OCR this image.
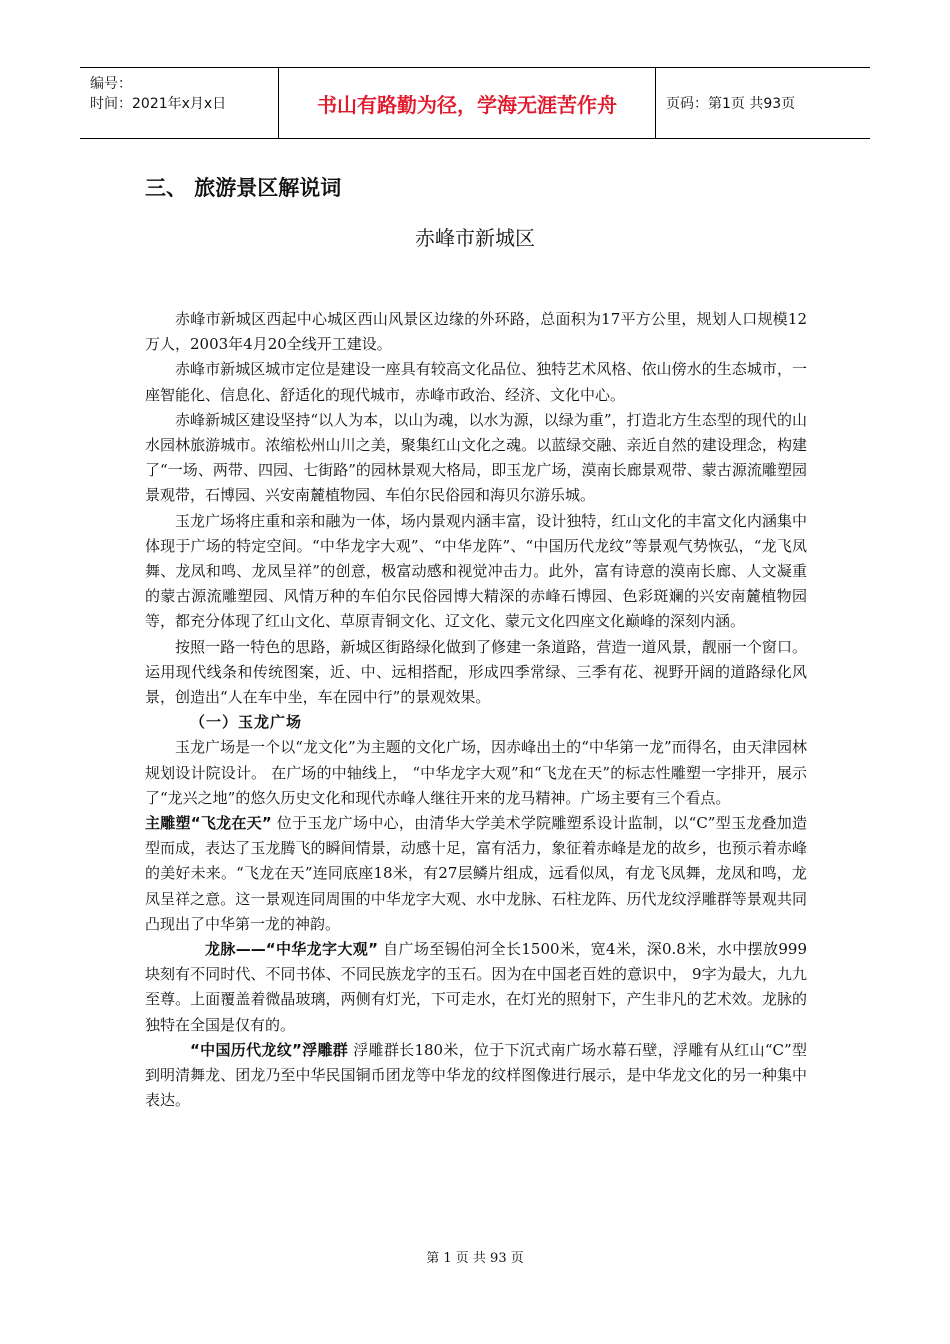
编号：
时间：2021年x月x日	书山有路勤为径，学海无涯苦作舟	页码：第1页 共93页
三、 旅游景区解说词
赤峰市新城区

赤峰市新城区西起中心城区西山风景区边缘的外环路，总面积为17平方公里，规划人口规模12万人，2003年4月20全线开工建设。

赤峰市新城区城市定位是建设一座具有较高文化品位、独特艺术风格、依山傍水的生态城市，一座智能化、信息化、舒适化的现代城市，赤峰市政治、经济、文化中心。

赤峰新城区建设坚持“以人为本，以山为魂，以水为源，以绿为重”，打造北方生态型的现代的山水园林旅游城市。浓缩松州山川之美，聚集红山文化之魂。以蓝绿交融、亲近自然的建设理念，构建了“一场、两带、四园、七街路”的园林景观大格局，即玉龙广场，漠南长廊景观带、蒙古源流雕塑园景观带，石博园、兴安南麓植物园、车伯尔民俗园和海贝尔游乐城。

玉龙广场将庄重和亲和融为一体，场内景观内涵丰富，设计独特，红山文化的丰富文化内涵集中体现于广场的特定空间。“中华龙字大观”、“中华龙阵”、“中国历代龙纹”等景观气势恢弘，“龙飞凤舞、龙凤和鸣、龙凤呈祥”的创意，极富动感和视觉冲击力。此外，富有诗意的漠南长廊、人文凝重的蒙古源流雕塑园、风情万种的车伯尔民俗园博大精深的赤峰石博园、色彩斑斓的兴安南麓植物园等，都充分体现了红山文化、草原青铜文化、辽文化、蒙元文化四座文化巅峰的深刻内涵。

按照一路一特色的思路，新城区街路绿化做到了修建一条道路，营造一道风景，靓丽一个窗口。运用现代线条和传统图案，近、中、远相搭配，形成四季常绿、三季有花、视野开阔的道路绿化风景，创造出“人在车中坐，车在园中行”的景观效果。

（一）玉龙广场

玉龙广场是一个以“龙文化”为主题的文化广场，因赤峰出土的“中华第一龙”而得名，由天津园林规划设计院设计。 在广场的中轴线上， “中华龙字大观”和“飞龙在天”的标志性雕塑一字排开，展示了“龙兴之地”的悠久历史文化和现代赤峰人继往开来的龙马精神。广场主要有三个看点。

主雕塑“飞龙在天” 位于玉龙广场中心，由清华大学美术学院雕塑系设计监制，以“C”型玉龙叠加造型而成，表达了玉龙腾飞的瞬间情景，动感十足，富有活力，象征着赤峰是龙的故乡，也预示着赤峰的美好未来。“飞龙在天”连同底座18米，有27层鳞片组成，远看似凤，有龙飞凤舞，龙凤和鸣，龙凤呈祥之意。这一景观连同周围的中华龙字大观、水中龙脉、石柱龙阵、历代龙纹浮雕群等景观共同凸现出了中华第一龙的神韵。

龙脉——“中华龙字大观” 自广场至锡伯河全长1500米，宽4米，深0.8米，水中摆放999块刻有不同时代、不同书体、不同民族龙字的玉石。因为在中国老百姓的意识中， 9字为最大，九九至尊。上面覆盖着微晶玻璃，两侧有灯光，下可走水，在灯光的照射下，产生非凡的艺术效。龙脉的独特在全国是仅有的。

“中国历代龙纹”浮雕群 浮雕群长180米，位于下沉式南广场水幕石壁，浮雕有从红山“C”型到明清舞龙、团龙乃至中华民国铜币团龙等中华龙的纹样图像进行展示，是中华龙文化的另一种集中表达。

第 1 页 共 93 页
